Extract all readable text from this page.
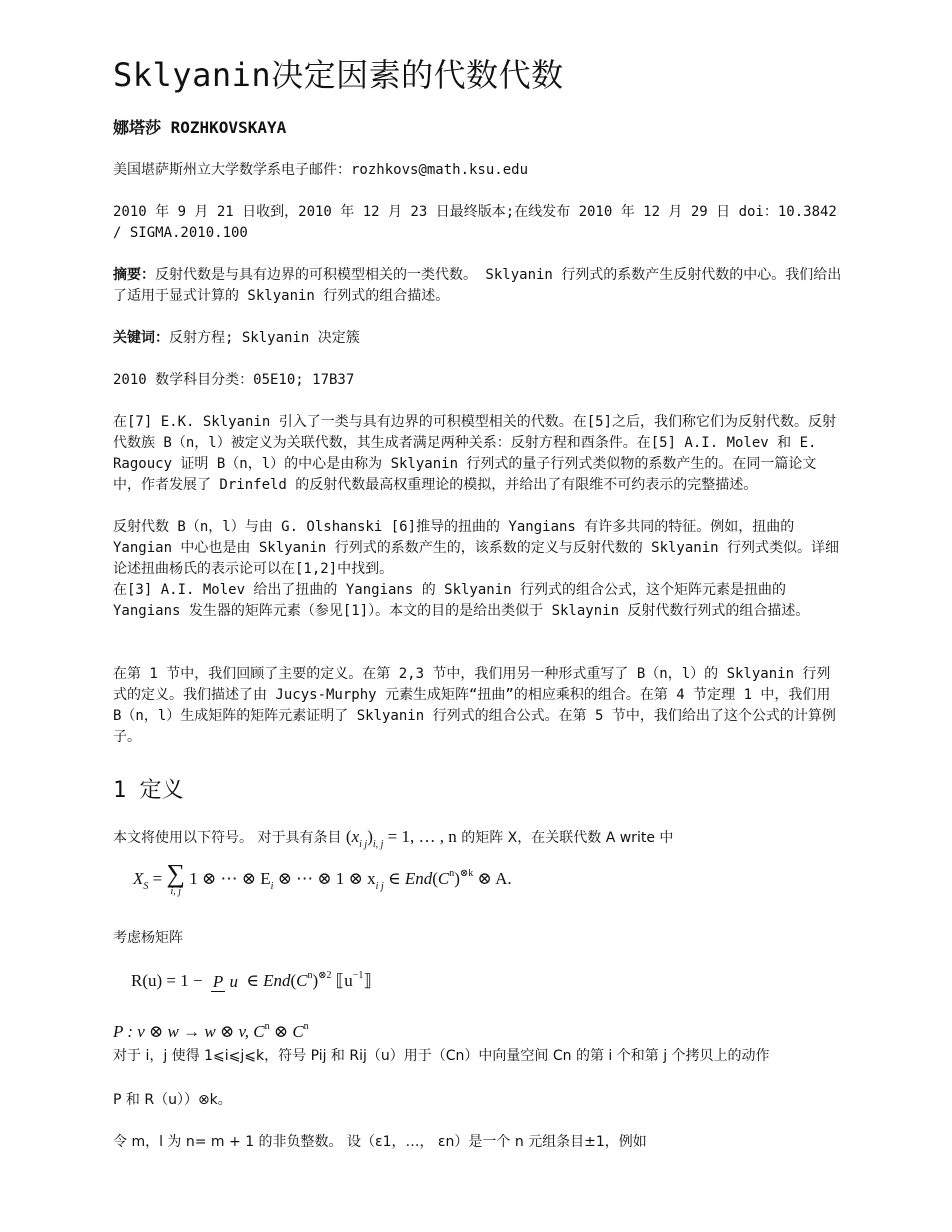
Sklyanin决定因素的代数代数
娜塔莎 ROZHKOVSKAYA
美国堪萨斯州立大学数学系电子邮件：rozhkovs@math.ksu.edu
2010 年 9 月 21 日收到，2010 年 12 月 23 日最终版本;在线发布 2010 年 12 月 29 日 doi：10.3842 / SIGMA.2010.100
摘要：反射代数是与具有边界的可积模型相关的一类代数。 Sklyanin 行列式的系数产生反射代数的中心。我们给出了适用于显式计算的 Sklyanin 行列式的组合描述。
关键词：反射方程; Sklyanin 决定簇
2010 数学科目分类：05E10; 17B37
在[7] E.K. Sklyanin 引入了一类与具有边界的可积模型相关的代数。在[5]之后，我们称它们为反射代数。反射代数族 B（n，l）被定义为关联代数，其生成者满足两种关系：反射方程和酉条件。在[5] A.I. Molev 和 E. Ragoucy 证明 B（n，l）的中心是由称为 Sklyanin 行列式的量子行列式类似物的系数产生的。在同一篇论文中，作者发展了 Drinfeld 的反射代数最高权重理论的模拟，并给出了有限维不可约表示的完整描述。
反射代数 B（n，l）与由 G. Olshanski [6]推导的扭曲的 Yangians 有许多共同的特征。例如，扭曲的 Yangian 中心也是由 Sklyanin 行列式的系数产生的，该系数的定义与反射代数的 Sklyanin 行列式类似。详细论述扭曲杨氏的表示论可以在[1,2]中找到。
在[3] A.I. Molev 给出了扭曲的 Yangians 的 Sklyanin 行列式的组合公式，这个矩阵元素是扭曲的 Yangians 发生器的矩阵元素（参见[1]）。本文的目的是给出类似于 Sklaynin 反射代数行列式的组合描述。
在第 1 节中，我们回顾了主要的定义。在第 2,3 节中，我们用另一种形式重写了 B（n，l）的 Sklyanin 行列式的定义。我们描述了由 Jucys-Murphy 元素生成矩阵“扭曲”的相应乘积的组合。在第 4 节定理 1 中，我们用 B（n，l）生成矩阵的矩阵元素证明了 Sklyanin 行列式的组合公式。在第 5 节中，我们给出了这个公式的计算例子。
1 定义
本文将使用以下符号。 对于具有条目 $(x_{i j})_{i, j} = 1$, … , n 的矩阵 X，在关联代数 A write 中
$X_S$ = ∑
i, j
1 ⊗ ⋯ ⊗ $E_i$ ⊗ ⋯ ⊗ 1 ⊗ $x_{i j}$ ∈ $End(C^n)^{\otimes k}$ ⊗ A.
考虑杨矩阵
R(u) = 1 − P u ∈ $End(C^n)^{\otimes 2}$ $⟦u^{-1}⟧$
P : v ⊗ w → w ⊗ v, $C^n$ ⊗ $C^n$
对于 i，j 使得 1⩽i⩽j⩽k，符号 Pij 和 Rij（u）用于（Cn）中向量空间 Cn 的第 i 个和第 j 个拷贝上的动作
P 和 R（u））⊗k。
令 m，l 为 n= m + 1 的非负整数。 设（ε1，…， εn）是一个 n 元组条目±1，例如
